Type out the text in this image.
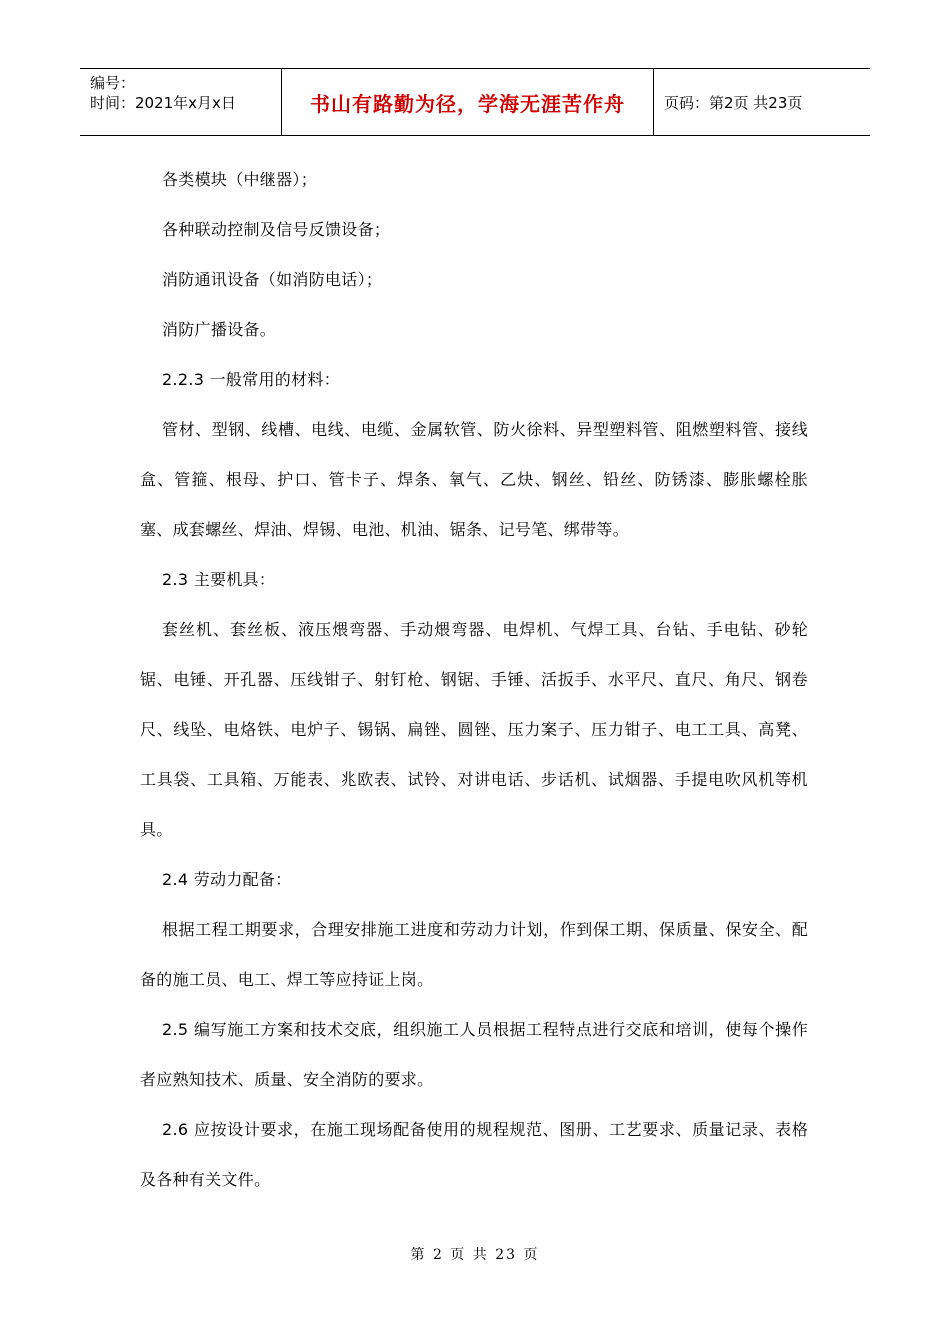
编号：
时间：2021年x月x日	书山有路勤为径，学海无涯苦作舟	页码：第2页 共23页

各类模块（中继器）；

各种联动控制及信号反馈设备；

消防通讯设备（如消防电话）；

消防广播设备。

2.2.3 一般常用的材料：

管材、型钢、线槽、电线、电缆、金属软管、防火徐料、异型塑料管、阻燃塑料管、接线盒、管箍、根母、护口、管卡子、焊条、氧气、乙炔、钢丝、铅丝、防锈漆、膨胀螺栓胀塞、成套螺丝、焊油、焊锡、电池、机油、锯条、记号笔、绑带等。

2.3 主要机具：

套丝机、套丝板、液压煨弯器、手动煨弯器、电焊机、气焊工具、台钻、手电钻、砂轮锯、电锤、开孔器、压线钳子、射钉枪、钢锯、手锤、活扳手、水平尺、直尺、角尺、钢卷尺、线坠、电烙铁、电炉子、锡锅、扁锉、圆锉、压力案子、压力钳子、电工工具、高凳、工具袋、工具箱、万能表、兆欧表、试铃、对讲电话、步话机、试烟器、手提电吹风机等机具。

2.4 劳动力配备：

根据工程工期要求，合理安排施工进度和劳动力计划，作到保工期、保质量、保安全、配备的施工员、电工、焊工等应持证上岗。

2.5 编写施工方案和技术交底，组织施工人员根据工程特点进行交底和培训，使每个操作者应熟知技术、质量、安全消防的要求。

2.6 应按设计要求，在施工现场配备使用的规程规范、图册、工艺要求、质量记录、表格及各种有关文件。

第 2 页 共 23 页
